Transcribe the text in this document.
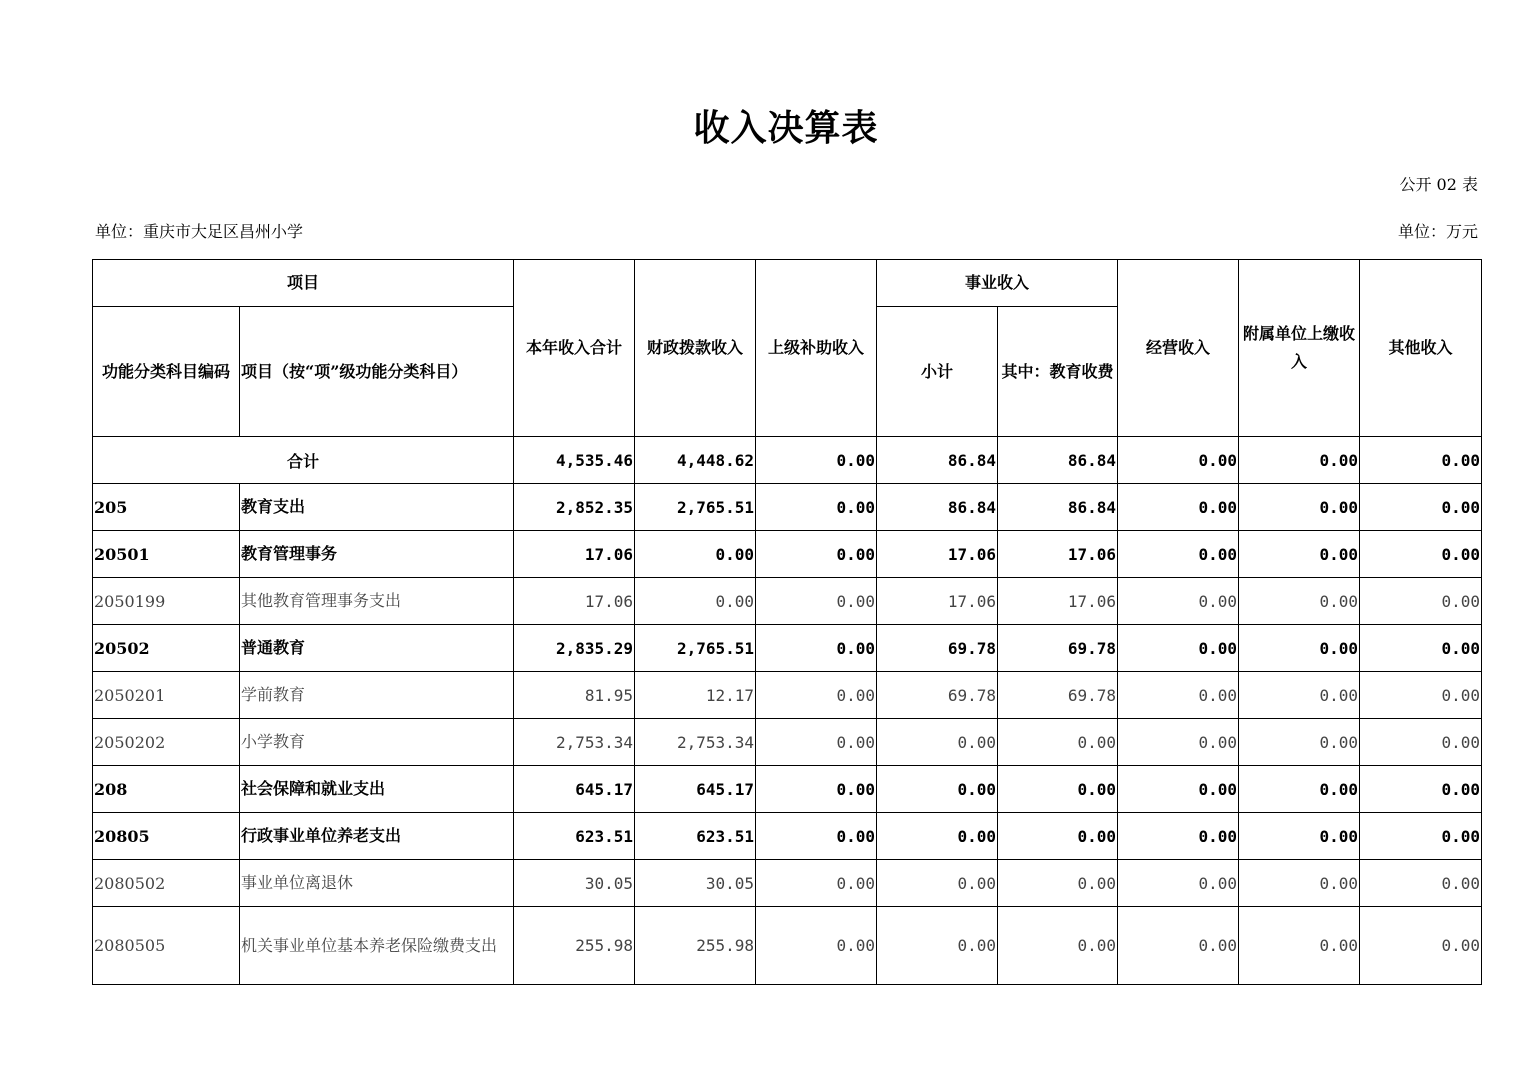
收入决算表
公开 02 表
单位：重庆市大足区昌州小学	单位：万元
项目		本年收入合计	财政拨款收入	上级补助收入	事业收入		经营收入	附属单位上缴收入	其他收入
功能分类科目编码	项目（按“项”级功能分类科目）				小计	其中：教育收费			
合计		4,535.46	4,448.62	0.00	86.84	86.84	0.00	0.00	0.00
205	教育支出	2,852.35	2,765.51	0.00	86.84	86.84	0.00	0.00	0.00
20501	教育管理事务	17.06	0.00	0.00	17.06	17.06	0.00	0.00	0.00
2050199	其他教育管理事务支出	17.06	0.00	0.00	17.06	17.06	0.00	0.00	0.00
20502	普通教育	2,835.29	2,765.51	0.00	69.78	69.78	0.00	0.00	0.00
2050201	学前教育	81.95	12.17	0.00	69.78	69.78	0.00	0.00	0.00
2050202	小学教育	2,753.34	2,753.34	0.00	0.00	0.00	0.00	0.00	0.00
208	社会保障和就业支出	645.17	645.17	0.00	0.00	0.00	0.00	0.00	0.00
20805	行政事业单位养老支出	623.51	623.51	0.00	0.00	0.00	0.00	0.00	0.00
2080502	事业单位离退休	30.05	30.05	0.00	0.00	0.00	0.00	0.00	0.00
2080505	机关事业单位基本养老保险缴费支出	255.98	255.98	0.00	0.00	0.00	0.00	0.00	0.00
